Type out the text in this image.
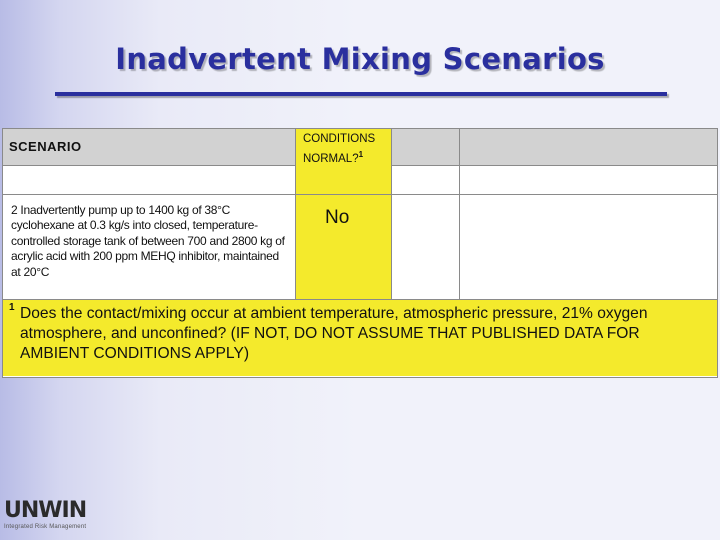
Inadvertent Mixing Scenarios
SCENARIO	CONDITIONS
NORMAL?$^1$
2 Inadvertently pump up to 1400 kg of 38°C cyclohexane at 0.3 kg/s into closed, temperature-controlled storage tank of between 700 and 2800 kg of acrylic acid with 200 ppm MEHQ inhibitor, maintained at 20°C
No
1 Does the contact/mixing occur at ambient temperature, atmospheric pressure, 21% oxygen atmosphere, and unconfined? (IF NOT, DO NOT ASSUME THAT PUBLISHED DATA FOR AMBIENT CONDITIONS APPLY)
UNWIN
Integrated Risk Management
